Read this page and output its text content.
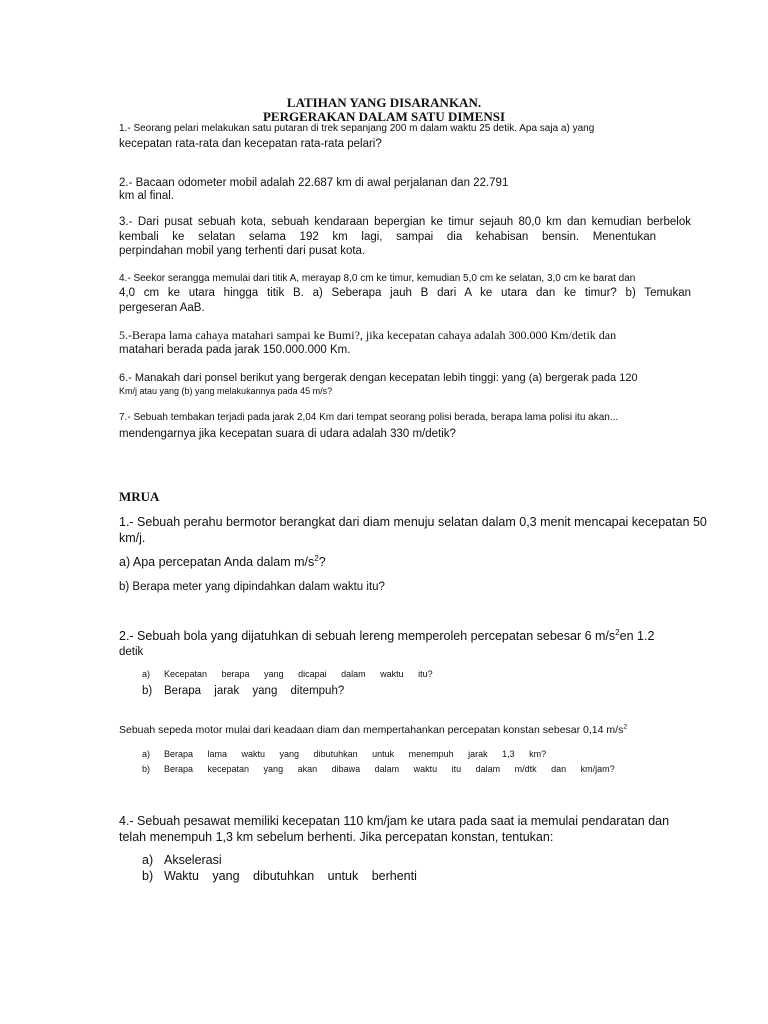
LATIHAN YANG DISARANKAN.
PERGERAKAN DALAM SATU DIMENSI
1.- Seorang pelari melakukan satu putaran di trek sepanjang 200 m dalam waktu 25 detik. Apa saja a) yang
kecepatan rata-rata dan kecepatan rata-rata pelari?
2.- Bacaan odometer mobil adalah 22.687 km di awal perjalanan dan 22.791
km al final.
3.- Dari pusat sebuah kota, sebuah kendaraan bepergian ke timur sejauh 80,0 km dan kemudian berbelok
kembali ke selatan selama 192 km lagi, sampai dia kehabisan bensin. Menentukan
perpindahan mobil yang terhenti dari pusat kota.
4.- Seekor serangga memulai dari titik A, merayap 8,0 cm ke timur, kemudian 5,0 cm ke selatan, 3,0 cm ke barat dan
4,0 cm ke utara hingga titik B. a) Seberapa jauh B dari A ke utara dan ke timur? b) Temukan
pergeseran AaB.
5.-Berapa lama cahaya matahari sampai ke Bumi?, jika kecepatan cahaya adalah 300.000 Km/detik dan
matahari berada pada jarak 150.000.000 Km.
6.- Manakah dari ponsel berikut yang bergerak dengan kecepatan lebih tinggi: yang (a) bergerak pada 120
Km/j atau yang (b) yang melakukannya pada 45 m/s?
7.- Sebuah tembakan terjadi pada jarak 2,04 Km dari tempat seorang polisi berada, berapa lama polisi itu akan...
mendengarnya jika kecepatan suara di udara adalah 330 m/detik?
MRUA
1.- Sebuah perahu bermotor berangkat dari diam menuju selatan dalam 0,3 menit mencapai kecepatan 50
km/j.
a) Apa percepatan Anda dalam $m/s^2$?
b) Berapa meter yang dipindahkan dalam waktu itu?
2.- Sebuah bola yang dijatuhkan di sebuah lereng memperoleh percepatan sebesar 6 $m/s^2en$ 1.2
detik
a) Kecepatan berapa yang dicapai dalam waktu itu?
b) Berapa jarak yang ditempuh?
Sebuah sepeda motor mulai dari keadaan diam dan mempertahankan percepatan konstan sebesar 0,14 $m/s^2$
a) Berapa lama waktu yang dibutuhkan untuk menempuh jarak 1,3 km?
b) Berapa kecepatan yang akan dibawa dalam waktu itu dalam m/dtk dan km/jam?
4.- Sebuah pesawat memiliki kecepatan 110 km/jam ke utara pada saat ia memulai pendaratan dan
telah menempuh 1,3 km sebelum berhenti. Jika percepatan konstan, tentukan:
a) Akselerasi
b) Waktu yang dibutuhkan untuk berhenti
